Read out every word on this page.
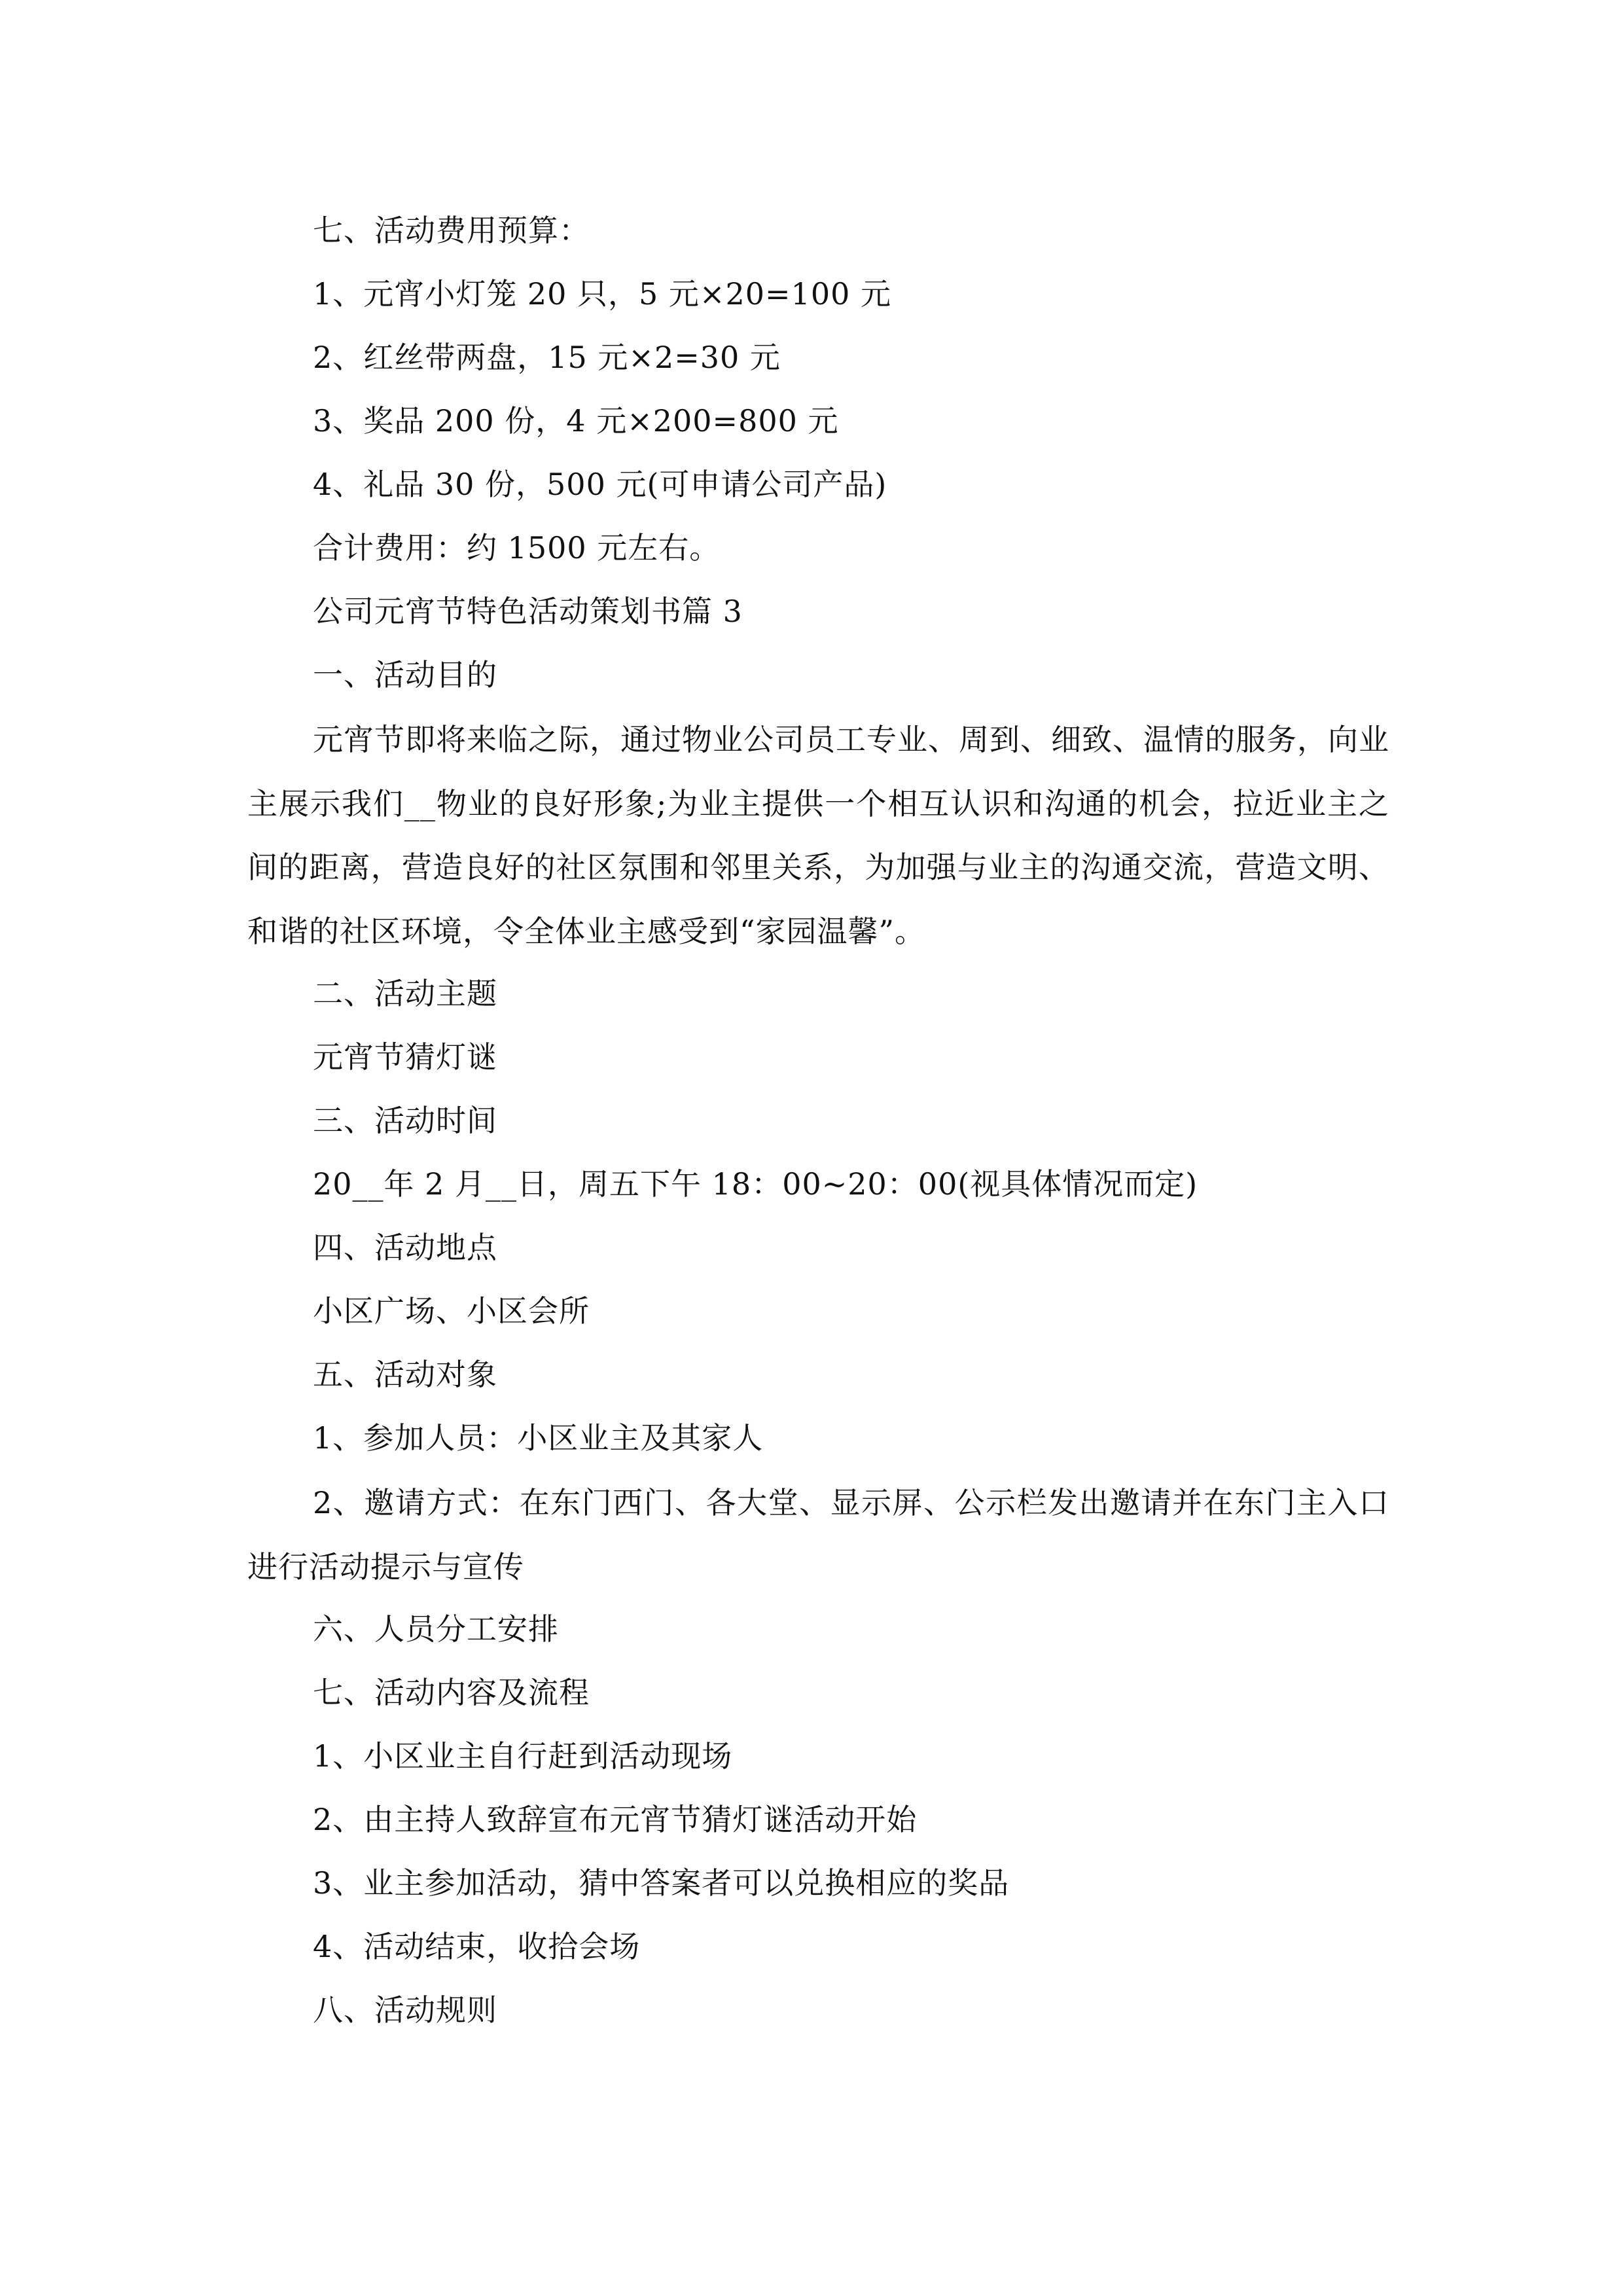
七、活动费用预算：
1、元宵小灯笼 20 只，5 元×20=100 元
2、红丝带两盘，15 元×2=30 元
3、奖品 200 份，4 元×200=800 元
4、礼品 30 份，500 元(可申请公司产品)
合计费用：约 1500 元左右。
公司元宵节特色活动策划书篇 3
一、活动目的
元宵节即将来临之际，通过物业公司员工专业、周到、细致、温情的服务，向业主展示我们__物业的良好形象;为业主提供一个相互认识和沟通的机会，拉近业主之间的距离，营造良好的社区氛围和邻里关系，为加强与业主的沟通交流，营造文明、和谐的社区环境，令全体业主感受到“家园温馨”。
二、活动主题
元宵节猜灯谜
三、活动时间
20__年 2 月__日，周五下午 18：00~20：00(视具体情况而定)
四、活动地点
小区广场、小区会所
五、活动对象
1、参加人员：小区业主及其家人
2、邀请方式：在东门西门、各大堂、显示屏、公示栏发出邀请并在东门主入口进行活动提示与宣传
六、人员分工安排
七、活动内容及流程
1、小区业主自行赶到活动现场
2、由主持人致辞宣布元宵节猜灯谜活动开始
3、业主参加活动，猜中答案者可以兑换相应的奖品
4、活动结束，收拾会场
八、活动规则
